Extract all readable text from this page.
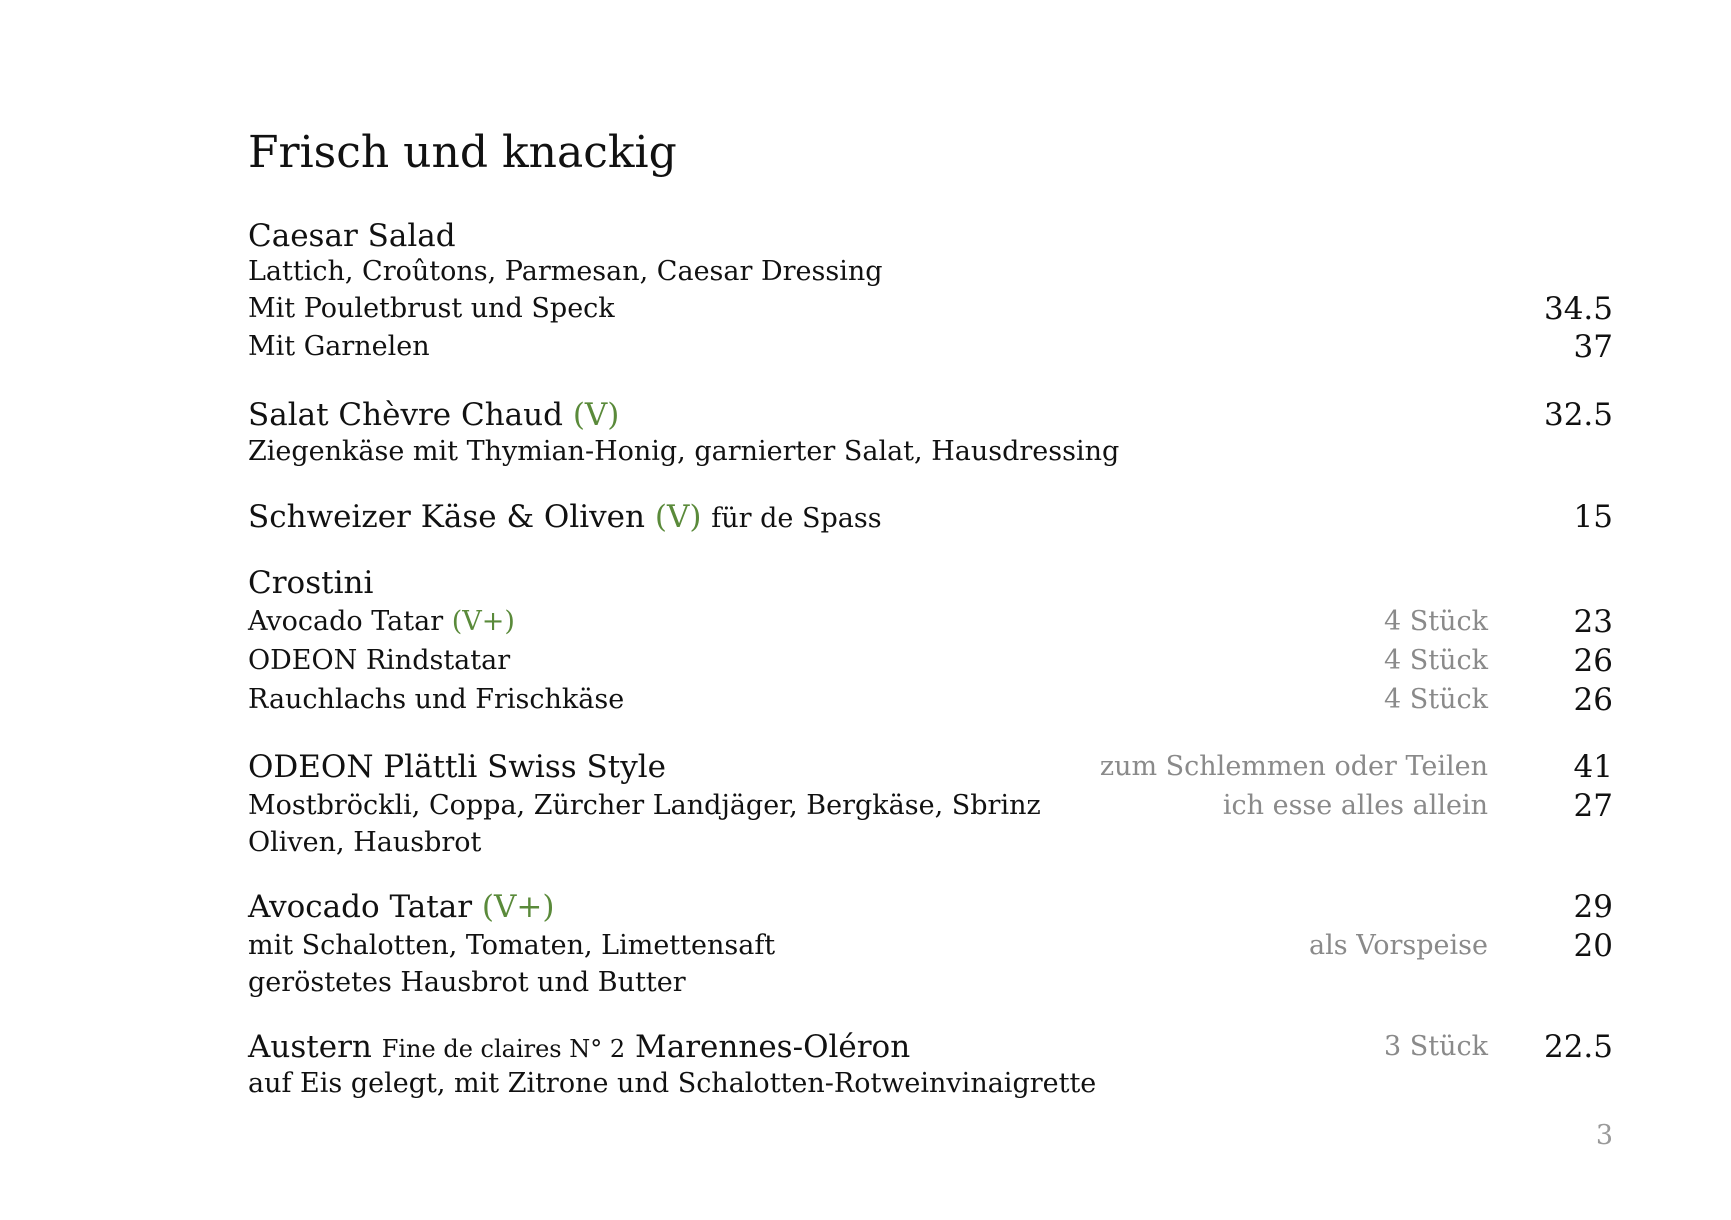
Frisch und knackig
Caesar Salad
Lattich, Croûtons, Parmesan, Caesar Dressing
Mit Pouletbrust und Speck	34.5
Mit Garnelen	37
Salat Chèvre Chaud (V)	32.5
Ziegenkäse mit Thymian-Honig, garnierter Salat, Hausdressing
Schweizer Käse & Oliven (V) für de Spass	15
Crostini
Avocado Tatar (V+)	4 Stück	23
ODEON Rindstatar	4 Stück	26
Rauchlachs und Frischkäse	4 Stück	26
ODEON Plättli Swiss Style	zum Schlemmen oder Teilen	41
Mostbröckli, Coppa, Zürcher Landjäger, Bergkäse, Sbrinz	ich esse alles allein	27
Oliven, Hausbrot
Avocado Tatar (V+)	29
mit Schalotten, Tomaten, Limettensaft	als Vorspeise	20
geröstetes Hausbrot und Butter
Austern Fine de claires N° 2 Marennes-Oléron	3 Stück 22.5
auf Eis gelegt, mit Zitrone und Schalotten-Rotweinvinaigrette
3
